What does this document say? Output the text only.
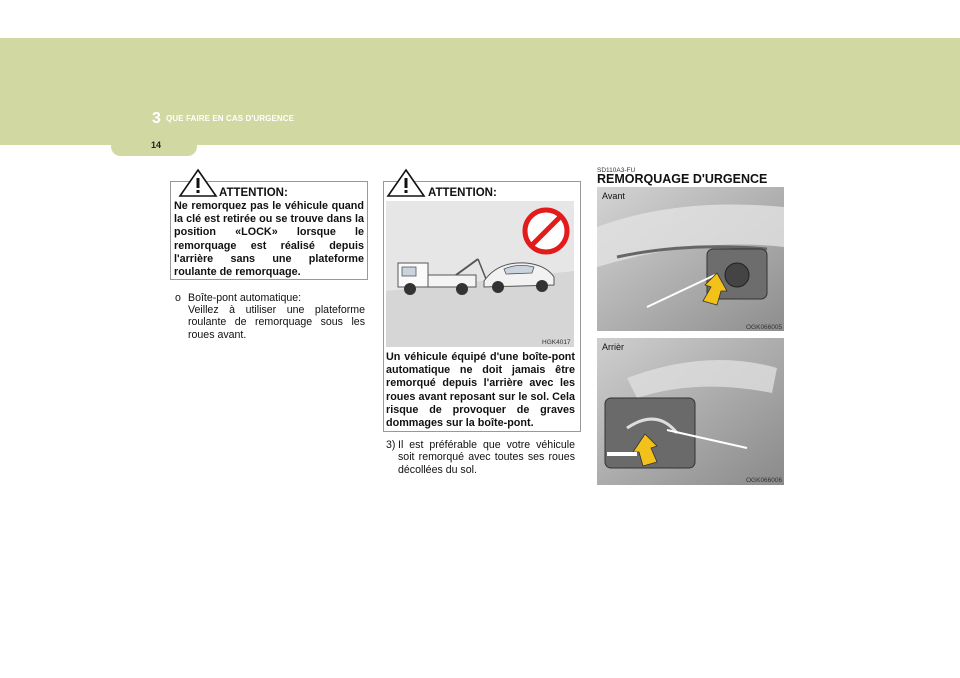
3 QUE FAIRE EN CAS D'URGENCE
14
ATTENTION:
Ne remorquez pas le véhicule quand la clé est retirée ou se trouve dans la position «LOCK» lorsque le remorquage est réalisé depuis l'arrière sans une plateforme roulante de remorquage.
o Boîte-pont automatique:
Veillez à utiliser une plateforme roulante de remorquage sous les roues avant.
ATTENTION:
HGK4017
Un véhicule équipé d'une boîte-pont automatique ne doit jamais être remorqué depuis l'arrière avec les roues avant reposant sur le sol. Cela risque de provoquer de graves dommages sur la boîte-pont.
3) Il est préférable que votre véhicule soit remorqué avec toutes ses roues décollées du sol.
SD110A3-FU
REMORQUAGE D'URGENCE
Avant
OGK066005
Arrièr
OGK066006
